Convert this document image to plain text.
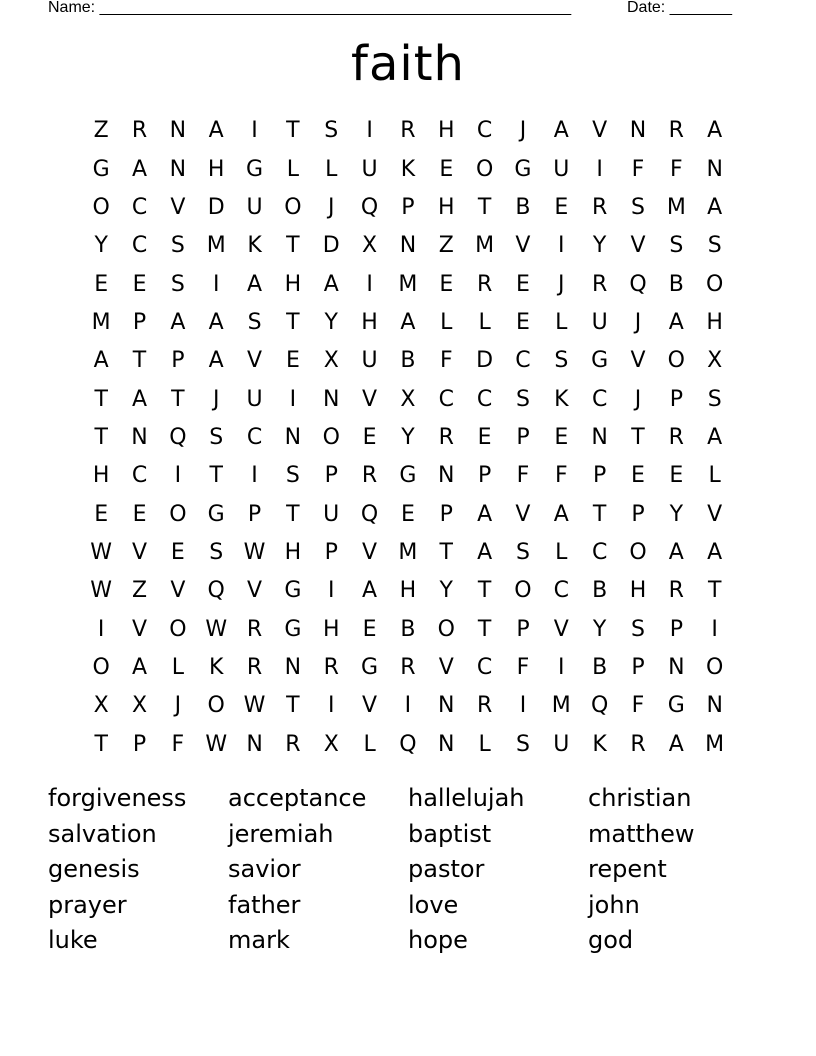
Name: _____________________________________________________	Date: _______
faith
Z	R	N	A	I	T	S	I	R	H	C	J	A	V	N	R	A
G	A	N H G	L	L	U	K	E	O G U	I	F	F	N
O	C	V	D U O	J	Q	P	H	T	B	E	R	S M A
Y	C	S M K	T	D	X	N	Z M V	I	Y	V	S	S
E	E	S	I	A	H	A	I	M E	R	E	J	R	Q	B	O
M	P	A	A	S	T	Y	H	A	L	L	E	L	U	J	A	H
A	T	P	A	V	E	X	U	B	F	D	C	S	G	V	O	X
T	A	T	J	U	I	N	V	X	C	C	S	K	C	J	P	S
T	N Q	S	C	N O	E	Y	R	E	P	E	N	T	R	A
H	C	I	T	I	S	P	R	G N	P	F	F	P	E	E	L
E	E	O G	P	T	U Q	E	P	A	V	A	T	P	Y	V
W V	E	S W H	P	V M	T	A	S	L	C O	A	A
W Z	V	Q	V	G	I	A	H	Y	T	O	C	B	H	R	T
I	V	O W R	G H	E	B	O	T	P	V	Y	S	P	I
O	A	L	K	R	N	R	G	R	V	C	F	I	B	P	N O
X	X	J	O W T	I	V	I	N	R	I	M Q	F	G N
T	P	F W N	R	X	L	Q N	L	S	U	K	R	A M
forgiveness	acceptance	hallelujah	christian
salvation	jeremiah	baptist	matthew
genesis	savior	pastor	repent
prayer	father	love	john
luke	mark	hope	god
